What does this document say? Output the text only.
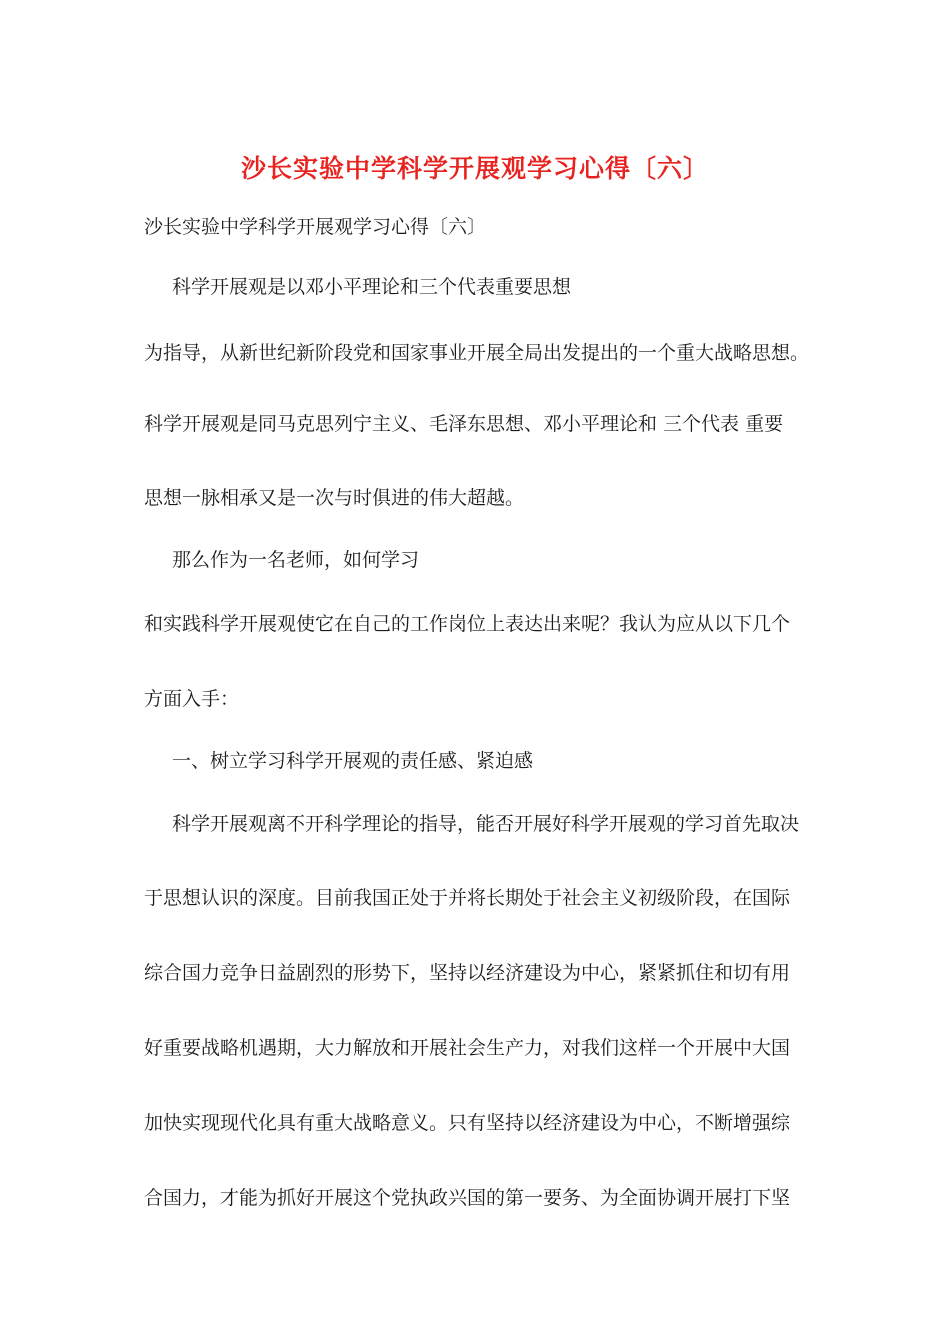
沙长实验中学科学开展观学习心得〔六〕
沙长实验中学科学开展观学习心得〔六〕
科学开展观是以邓小平理论和三个代表重要思想
为指导，从新世纪新阶段党和国家事业开展全局出发提出的一个重大战略思想。
科学开展观是同马克思列宁主义、毛泽东思想、邓小平理论和 三个代表 重要
思想一脉相承又是一次与时俱进的伟大超越。
那么作为一名老师，如何学习
和实践科学开展观使它在自己的工作岗位上表达出来呢？我认为应从以下几个
方面入手：
一、树立学习科学开展观的责任感、紧迫感
科学开展观离不开科学理论的指导，能否开展好科学开展观的学习首先取决
于思想认识的深度。目前我国正处于并将长期处于社会主义初级阶段，在国际
综合国力竞争日益剧烈的形势下，坚持以经济建设为中心，紧紧抓住和切有用
好重要战略机遇期，大力解放和开展社会生产力，对我们这样一个开展中大国
加快实现现代化具有重大战略意义。只有坚持以经济建设为中心，不断增强综
合国力，才能为抓好开展这个党执政兴国的第一要务、为全面协调开展打下坚
